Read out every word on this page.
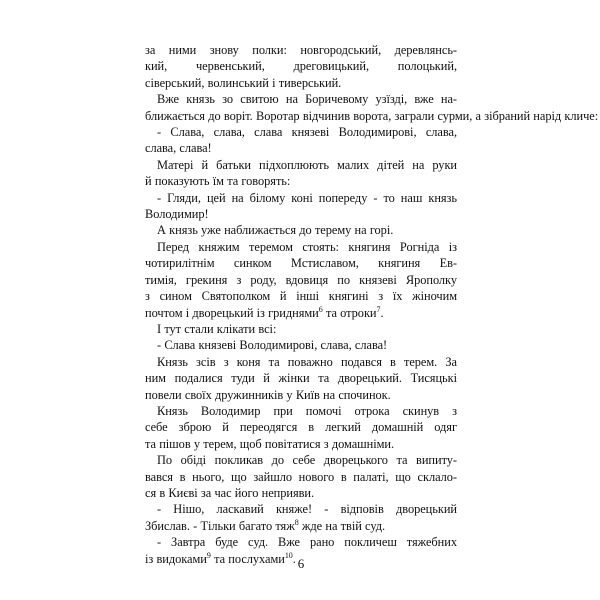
за ними знову полки: новгородський, деревлянсь-
кий, червенський, дреговицький, полоцький,
сіверський, волинський і тиверський.
Вже князь зо свитою на Боричевому узїзді, вже на-
ближається до воріт. Воротар відчинив ворота, заграли сурми, а зібраний нарід кличе:
- Слава, слава, слава князеві Володимирові, слава,
слава, слава!
Матері й батьки підхоплюють малих дітей на руки
й показують їм та говорять:
- Гляди, цей на білому коні попереду - то наш князь
Володимир!
А князь уже наближається до терему на горі.
Перед княжим теремом стоять: княгиня Рогніда із
чотирилітнім синком Мстиславом, княгиня Ев-
тимія, грекиня з роду, вдовиця по князеві Ярополку
з сином Святополком й інші княгині з їх жіночим
почтом і дворецький із гриднями$^6$ та отроки$^7$.
І тут стали клікати всі:
- Слава князеві Володимирові, слава, слава!
Князь зсів з коня та поважно подався в терем. За
ним подалися туди й жінки та дворецький. Тисяцькі
повели своїх дружинників у Київ на спочинок.
Князь Володимир при помочі отрока скинув з
себе зброю й переодягся в легкий домашній одяг
та пішов у терем, щоб повітатися з домашніми.
По обіді покликав до себе дворецького та випиту-
вався в нього, що зайшло нового в палаті, що склало-
ся в Києві за час його неприяви.
- Нішо, ласкавий княже! - відповів дворецький
Збислав. - Тільки багато тяж$^8$ жде на твій суд.
- Завтра буде суд. Вже рано покличеш тяжебних
із видоками$^9$ та послухами$^{10}$. 6
